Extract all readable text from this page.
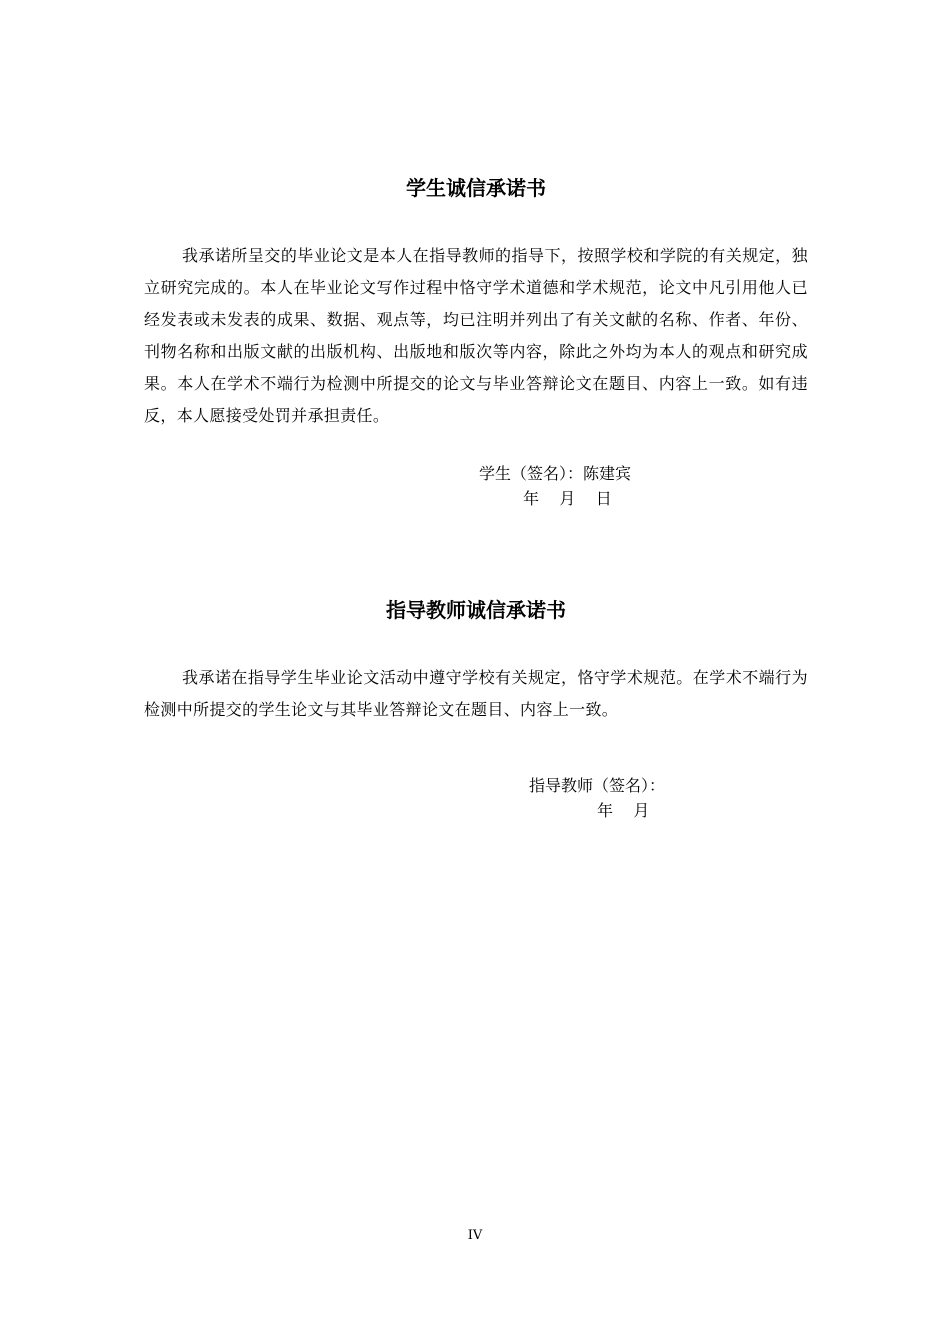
学生诚信承诺书

我承诺所呈交的毕业论文是本人在指导教师的指导下，按照学校和学院的有关规定，独立研究完成的。本人在毕业论文写作过程中恪守学术道德和学术规范，论文中凡引用他人已经发表或未发表的成果、数据、观点等，均已注明并列出了有关文献的名称、作者、年份、刊物名称和出版文献的出版机构、出版地和版次等内容，除此之外均为本人的观点和研究成果。本人在学术不端行为检测中所提交的论文与毕业答辩论文在题目、内容上一致。如有违反，本人愿接受处罚并承担责任。

学生（签名）：陈建宾
年    月    日
指导教师诚信承诺书

我承诺在指导学生毕业论文活动中遵守学校有关规定，恪守学术规范。在学术不端行为检测中所提交的学生论文与其毕业答辩论文在题目、内容上一致。

指导教师（签名）：
年    月
IV
